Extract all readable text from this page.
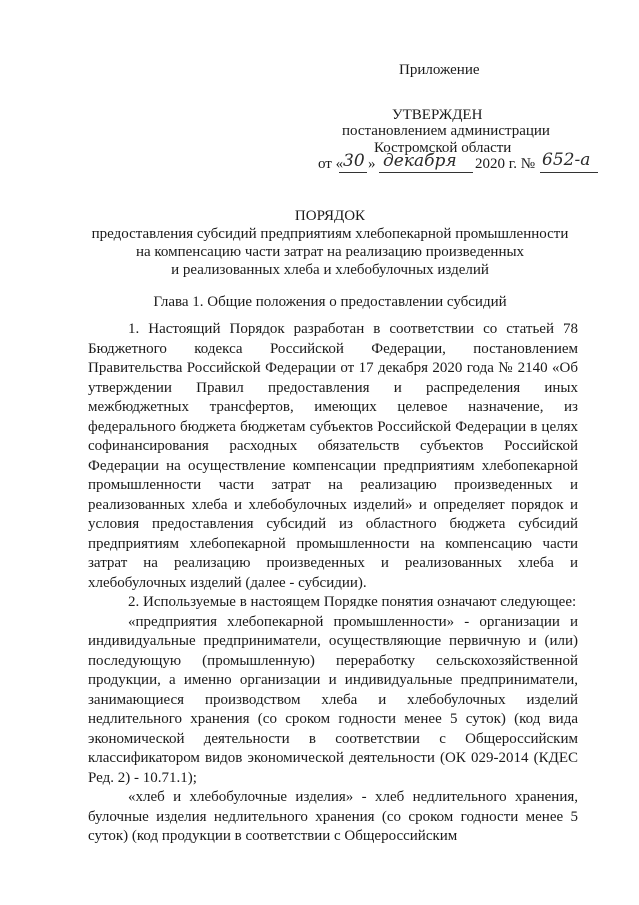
Приложение
УТВЕРЖДЕН
постановлением администрации
Костромской области
от « 30 » декабря 2020 г. № 652-а
ПОРЯДОК
предоставления субсидий предприятиям хлебопекарной промышленности
на компенсацию части затрат на реализацию произведенных
и реализованных хлеба и хлебобулочных изделий
Глава 1. Общие положения о предоставлении субсидий

1. Настоящий Порядок разработан в соответствии со статьей 78 Бюджетного кодекса Российской Федерации, постановлением Правительства Российской Федерации от 17 декабря 2020 года № 2140 «Об утверждении Правил предоставления и распределения иных межбюджетных трансфертов, имеющих целевое назначение, из федерального бюджета бюджетам субъектов Российской Федерации в целях софинансирования расходных обязательств субъектов Российской Федерации на осуществление компенсации предприятиям хлебопекарной промышленности части затрат на реализацию произведенных и реализованных хлеба и хлебобулочных изделий» и определяет порядок и условия предоставления субсидий из областного бюджета субсидий предприятиям хлебопекарной промышленности на компенсацию части затрат на реализацию произведенных и реализованных хлеба и хлебобулочных изделий (далее - субсидии).

2. Используемые в настоящем Порядке понятия означают следующее:

«предприятия хлебопекарной промышленности» - организации и индивидуальные предприниматели, осуществляющие первичную и (или) последующую (промышленную) переработку сельскохозяйственной продукции, а именно организации и индивидуальные предприниматели, занимающиеся производством хлеба и хлебобулочных изделий недлительного хранения (со сроком годности менее 5 суток) (код вида экономической деятельности в соответствии с Общероссийским классификатором видов экономической деятельности (ОК 029-2014 (КДЕС Ред. 2) - 10.71.1);

«хлеб и хлебобулочные изделия» - хлеб недлительного хранения, булочные изделия недлительного хранения (со сроком годности менее 5 суток) (код продукции в соответствии с Общероссийским
